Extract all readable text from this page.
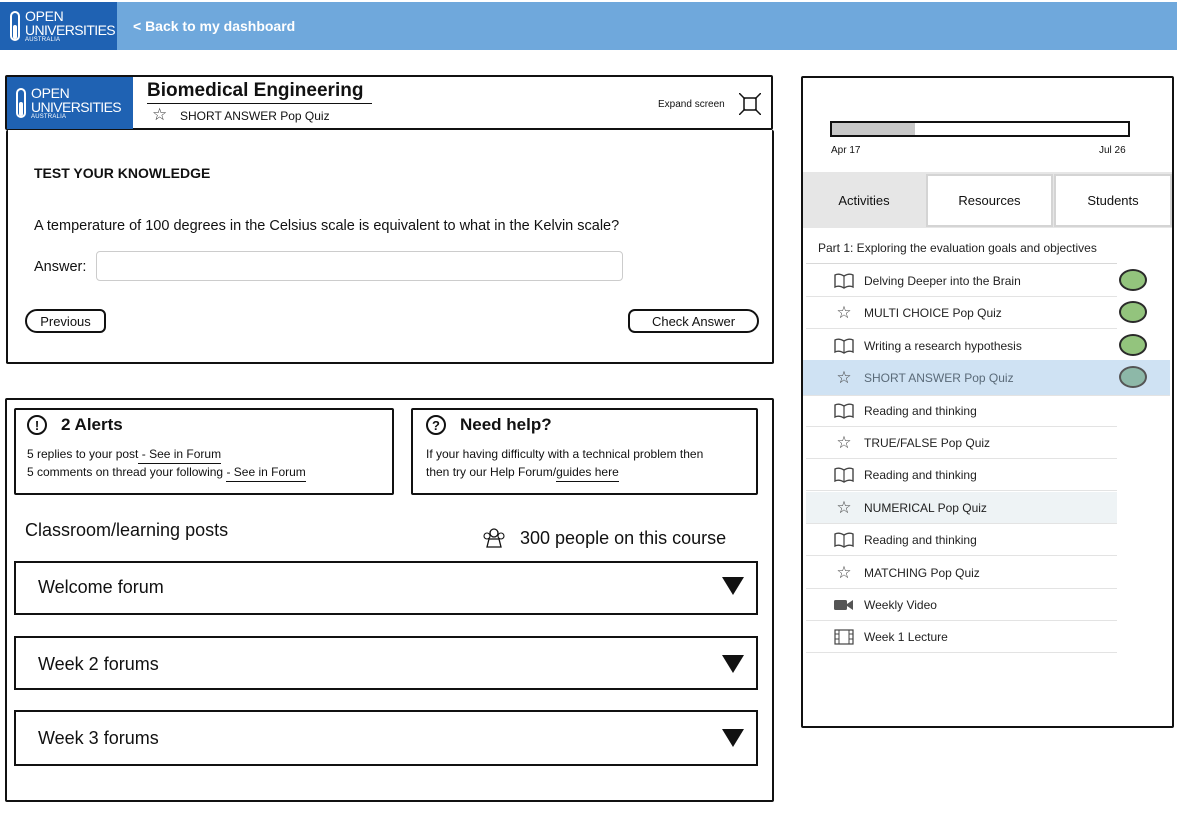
OPEN
UNIVERSITIES
AUSTRALIA
< Back to my dashboard
OPEN
UNIVERSITIES
AUSTRALIA
Biomedical Engineering
☆ SHORT ANSWER Pop Quiz
Expand screen
TEST YOUR KNOWLEDGE
A temperature of 100 degrees in the Celsius scale is equivalent to what in the Kelvin scale?
Answer:
Previous	Check Answer
!	2 Alerts
5 replies to your post - See in Forum
5 comments on thread your following - See in Forum
?	Need help?
If your having difficulty with a technical problem then
then try our Help Forum/guides here
Classroom/learning posts	300 people on this course
Welcome forum
Week 2 forums
Week 3 forums
Apr 17	Jul 26
Activities	Resources	Students
Part 1: Exploring the evaluation goals and objectives
Delving Deeper into the Brain
☆ MULTI CHOICE Pop Quiz
Writing a research hypothesis
☆ SHORT ANSWER Pop Quiz
Reading and thinking
☆ TRUE/FALSE Pop Quiz
Reading and thinking
☆ NUMERICAL Pop Quiz
Reading and thinking
☆ MATCHING Pop Quiz
Weekly Video
Week 1 Lecture
